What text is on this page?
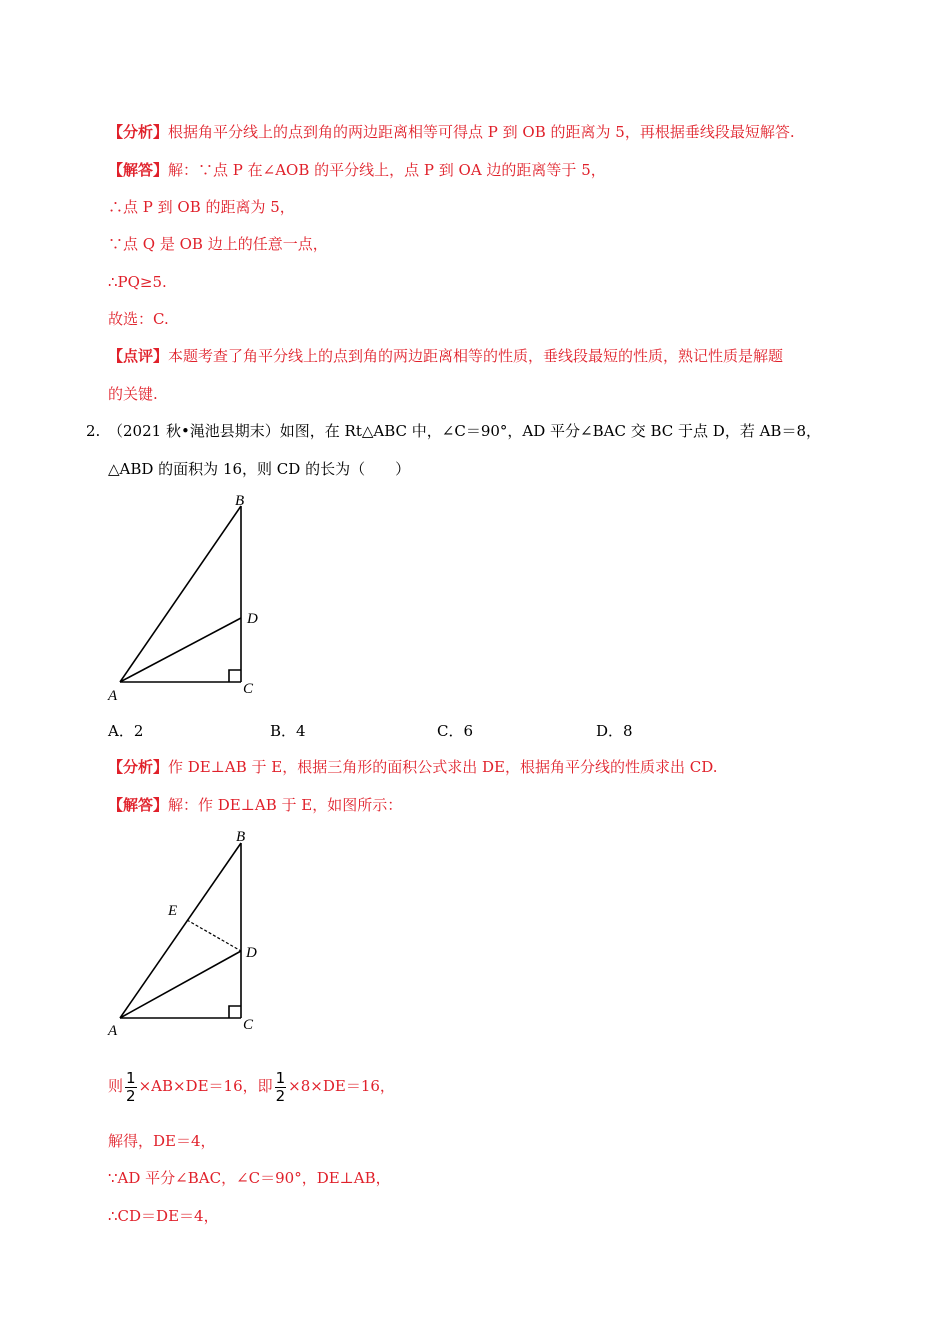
【分析】根据角平分线上的点到角的两边距离相等可得点 P 到 OB 的距离为 5，再根据垂线段最短解答.
【解答】解：∵点 P 在∠AOB 的平分线上，点 P 到 OA 边的距离等于 5，
∴点 P 到 OB 的距离为 5，
∵点 Q 是 OB 边上的任意一点，
∴PQ≥5.
故选：C.
【点评】本题考查了角平分线上的点到角的两边距离相等的性质，垂线段最短的性质，熟记性质是解题
的关键.
2. （2021 秋•渑池县期末）如图，在 Rt△ABC 中，∠C＝90°，AD 平分∠BAC 交 BC 于点 D，若 AB＝8，
△ABD 的面积为 16，则 CD 的长为（　　）
B
D
A	C
A．2	B．4	C．6	D．8
【分析】作 DE⊥AB 于 E，根据三角形的面积公式求出 DE，根据角平分线的性质求出 CD.
【解答】解：作 DE⊥AB 于 E，如图所示：
B
E
D
A	C
则 $\frac{1}{2} \times AB\times DE=16$，即 $\frac{1}{2} \times 8\times DE=16$，
解得，DE＝4，
∵AD 平分∠BAC，∠C＝90°，DE⊥AB，
∴CD＝DE＝4，
